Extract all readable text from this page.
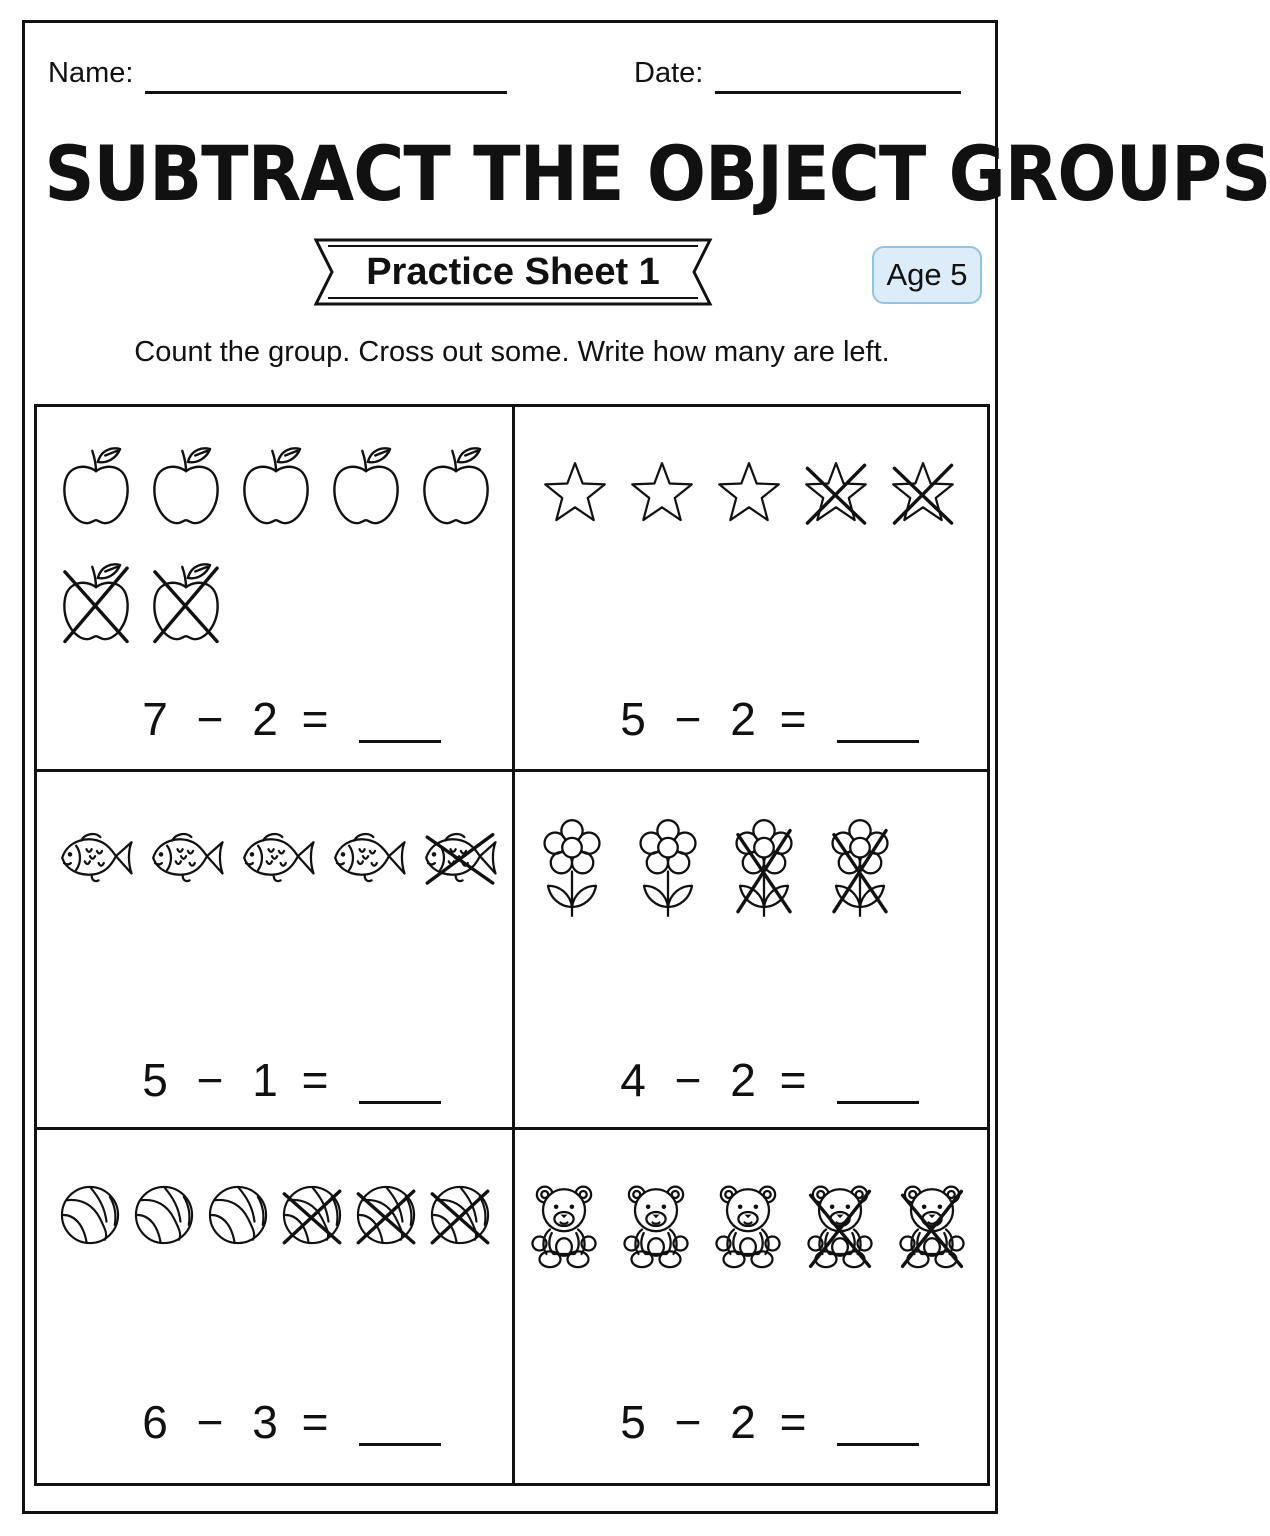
Name:	Date:
SUBTRACT THE OBJECT GROUPS
Practice Sheet 1	Age 5
Count the group. Cross out some. Write how many are left.
7 − 2 =	5 − 2 =
5 − 1 =	4 − 2 =
6 − 3 =	5 − 2 =
